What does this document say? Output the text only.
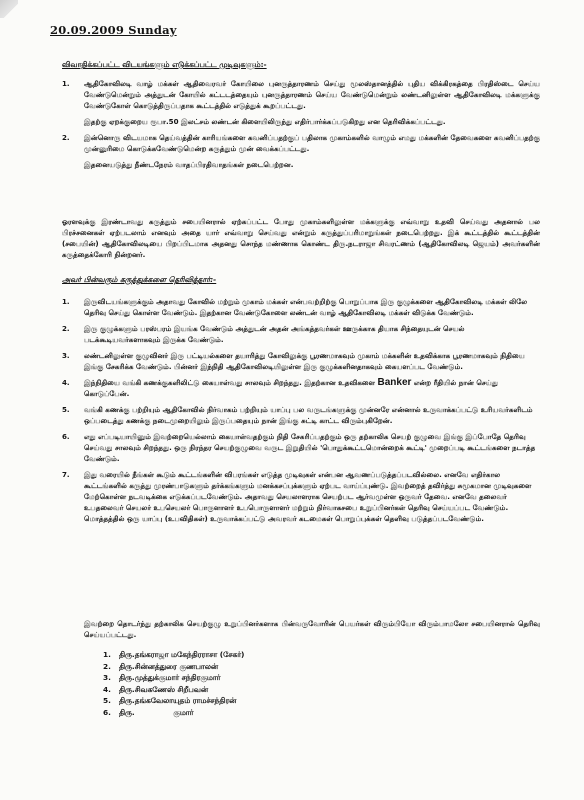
20.09.2009 Sunday
விவாதிக்கப்பட்ட விடயங்களும் எடுக்கப்பட்ட முடிவுகளும்:-
1. ஆதிகோவிலடி வாழ் மக்கள் ஆதிவைரவர் கோயிலை புனருத்தாரணம் செய்து மூலஸ்தானத்தில் புதிய விக்கிரகத்தை பிரதிஸ்டை செய்ய வேண்டுமென்றும் அத்துடன் கோயில் கட்டடத்தையும் புனருத்தாரணம் செய்ய வேண்டுமென்றும் லண்டனிலுள்ள ஆதிகோவிலடி மக்களுக்கு வேண்டுகோள் கொடுத்திருப்பதாக கூட்டத்தில் எடுத்துக் கூறப்பட்டது.

இதற்கு ஏறக்குறைய ரூபா.50 இலட்சம் லண்டன் கிளையிலிருந்து எதிர்பார்க்கப்படுகிறது என தெரிவிக்கப்பட்டது.

2. இன்னொரு விடயமாக தெய்வத்தின் காரியங்களை கவனிப்பதற்குப் பதிலாக முகாம்களில் வாழும் எமது மக்களின் தேவைகளை கவனிப்பதற்கு முன்னுரிமை கொடுக்கவேண்டுமென்ற கருத்தும் முன் வைக்கப்பட்டது.

இதனையடுத்து நீண்டநேரம் வாதப்பிரதிவாதங்கள் நடைபெற்றன.

ஓரளவுக்கு இரண்டாவது கருத்தும் சபையினரால் ஏற்கப்பட்ட போது முகாம்களிலுள்ள மக்களுக்கு எவ்வாறு உதவி செய்வது அதனால் பல பிரச்சனைகள் ஏற்படலாம் எனவும் அதை யார் எவ்வாறு செய்வது என்றும் கருத்துப்பரிமாறுங்கள் நடைபெற்றது. இக் கூட்டத்தில் கூட்டத்தின் (சபையின்) ஆதிகோவிலடியை பிறப்பிடமாக அதனது சொந்த மண்ணாக கொண்ட திரு.நடராஜா சிவரட்ணம் (ஆதிகோவிலடி ஜெயம்) அவர்களின் கருத்தைக்கோரி நின்றனர்.
அவர் பின்வரும் கருத்துக்களை தெரிவித்தார்:-
1. இருவிடயங்களுக்கும் அதாவது கோவில் மற்றும் முகாம் மக்கள் என்பவற்றிற்கு பொறுப்பாக இரு குழுக்களை ஆதிகோவிலடி மக்கள் லிலே தெரிவு செய்து கொள்ள வேண்டும். இதற்கான வேண்டுகோளை லண்டன் வாழ் ஆதிகோவிலடி மக்கள் விடுக்க வேண்டும்.
2. இரு குழுக்களும் பரஸ்பரம் இயங்க வேண்டும் அத்துடன் அதன் அங்கத்தவர்கள் ஊருக்காக தியாக சிந்தையுடன் செயல் படக்கூடியவர்களாகவும் இருக்க வேண்டும்.
3. லண்டனிலுள்ள குழுவினர் இரு பட்டியல்களை தயாரித்து கோவிலுக்கு பூரணமாகவும் முகாம் மக்களின் உதவிக்காக பூரணமாகவும் நிதியை இங்கு சேகரிக்க வேண்டும். பின்னர் இந்நிதி ஆதிகோவிலடியிலுள்ள இரு குழுக்களினதாகவும் கையளப்பட வேண்டும்.
4. இந்நிதியை வங்கி கணக்குகளிலிட்டு கையாள்வது சாலவும் சிறந்தது. இதற்கான உதவிகளை Banker என்ற ரீதியில் நான் செய்து கொடுப்பேன்.
5. வங்கி கணக்கு பற்றியும் ஆதிகோவில் நிர்வாகம் பற்றியும் யாப்பு பல வருடங்களுக்கு முன்னரே என்னால் உருவாக்கப்பட்டு உரியவர்களிடம் ஒப்படைத்து கணக்கு நடைமுறையிலும் இருப்பதையும் நான் இங்கு சுட்டி காட்ட விரும்புகிறேன்.
6. எது எப்படியாயினும் இவற்றையெல்லாம் கையாள்வதற்கும் நிதி சேகரிப்பதற்கும் ஒரு தற்காலிக செயற் குழுவை இங்கு இப்போதே தெரிவு செய்வது சாலவும் சிறந்தது. ஒரு நிரந்தர செயற்குழுவை வருட இறுதியில் 'பொதுக்கூட்டமொன்றைக் கூட்டி' முறைப்படி கூட்டங்களை நடாத்த வேண்டும்.
7. இது வரையில் நீங்கள் கூடும் கூட்டங்களின் விபரங்கள் எடுத்த முடிவுகள் என்பன ஆவணப்படுத்தப்படவில்லை. எனவே எதிர்கால கூட்டங்களில் கருத்து முரண்பாடுகளும் தர்க்கங்களும் மனக்கசப்புக்களும் ஏற்பட வாய்ப்புண்டு. இவற்றைத் தவிர்த்து சுமூகமான முடிவுகளை மேற்கொள்ள நடவடிக்கை எடுக்கப்படவேண்டும். அதாவது செயலாளராக செயற்பட ஆர்வமுள்ள ஒருவர் தேவை. எனவே தலைவர் உபதலைவர் செயலர் உபசெயலர் பொருளாளர் உபபொருளாளர் மற்றும் நிர்வாகசபை உறுப்பினர்கள் தெரிவு செய்யப்பட வேண்டும். மொத்தத்தில் ஒரு யாப்பு (உபவிதிகள்) உருவாக்கப்பட்டு அவரவர் கடமைகள் பொறுப்புக்கள் தெளிவு படுத்தப்படவேண்டும்.
இவற்றை தொடர்ந்து தற்காலிக செயற்குழு உறுப்பினர்களாக பின்வருவோரின் பெயர்கள் விரும்பியோ விரும்பாமலோ சபையினரால் தெரிவு செய்யப்பட்டது.
1. திரு.தங்கராஜா மகேந்திரராசா (சேகர்)
2. திரு.சின்னத்துரை குணபாலன்
3. திரு.முத்துக்குமார் சந்திரகுமார்
4. திரு.சிவகணேஸ் சிறீபவன்
5. திரு.தங்கவேலாயுதம் ராமச்சந்திரன்
6. திரு.               குமார்
